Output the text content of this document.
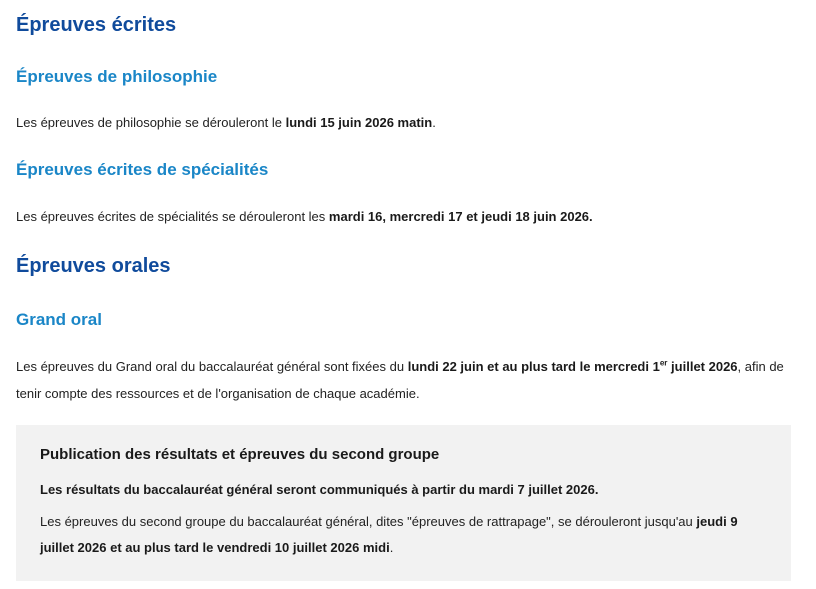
Épreuves écrites
Épreuves de philosophie

Les épreuves de philosophie se dérouleront le lundi 15 juin 2026 matin.

Épreuves écrites de spécialités

Les épreuves écrites de spécialités se dérouleront les mardi 16, mercredi 17 et jeudi 18 juin 2026.

Épreuves orales
Grand oral

Les épreuves du Grand oral du baccalauréat général sont fixées du lundi 22 juin et au plus tard le mercredi 1er juillet 2026, afin de tenir compte des ressources et de l'organisation de chaque académie.

Publication des résultats et épreuves du second groupe

Les résultats du baccalauréat général seront communiqués à partir du mardi 7 juillet 2026.

Les épreuves du second groupe du baccalauréat général, dites "épreuves de rattrapage", se dérouleront jusqu'au jeudi 9 juillet 2026 et au plus tard le vendredi 10 juillet 2026 midi.
